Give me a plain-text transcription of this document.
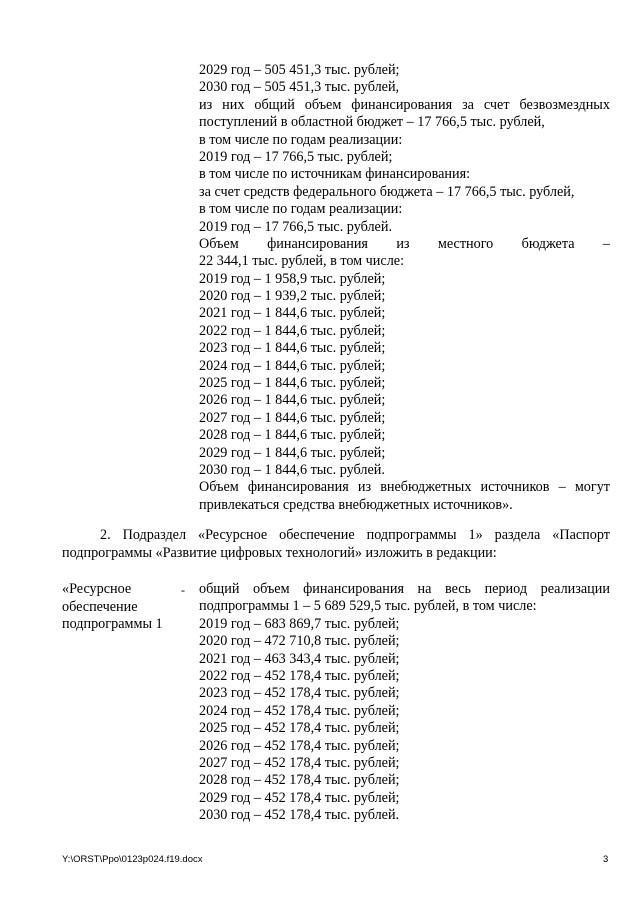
2029 год – 505 451,3 тыс. рублей;
2030 год – 505 451,3 тыс. рублей,
из них общий объем финансирования за счет безвозмездных
поступлений в областной бюджет – 17 766,5 тыс. рублей,
в том числе по годам реализации:
2019 год – 17 766,5 тыс. рублей;
в том числе по источникам финансирования:
за счет средств федерального бюджета – 17 766,5 тыс. рублей,
в том числе по годам реализации:
2019 год – 17 766,5 тыс. рублей.
Объем финансирования из местного бюджета –
22 344,1 тыс. рублей, в том числе:
2019 год – 1 958,9 тыс. рублей;
2020 год – 1 939,2 тыс. рублей;
2021 год – 1 844,6 тыс. рублей;
2022 год – 1 844,6 тыс. рублей;
2023 год – 1 844,6 тыс. рублей;
2024 год – 1 844,6 тыс. рублей;
2025 год – 1 844,6 тыс. рублей;
2026 год – 1 844,6 тыс. рублей;
2027 год – 1 844,6 тыс. рублей;
2028 год – 1 844,6 тыс. рублей;
2029 год – 1 844,6 тыс. рублей;
2030 год – 1 844,6 тыс. рублей.
Объем финансирования из внебюджетных источников – могут
привлекаться средства внебюджетных источников».
2. Подраздел «Ресурсное обеспечение подпрограммы 1» раздела «Паспорт
подпрограммы «Развитие цифровых технологий» изложить в редакции:
«Ресурсное
обеспечение
подпрограммы 1
- общий объем финансирования на весь период реализации
подпрограммы 1 – 5 689 529,5 тыс. рублей, в том числе:
2019 год – 683 869,7 тыс. рублей;
2020 год – 472 710,8 тыс. рублей;
2021 год – 463 343,4 тыс. рублей;
2022 год – 452 178,4 тыс. рублей;
2023 год – 452 178,4 тыс. рублей;
2024 год – 452 178,4 тыс. рублей;
2025 год – 452 178,4 тыс. рублей;
2026 год – 452 178,4 тыс. рублей;
2027 год – 452 178,4 тыс. рублей;
2028 год – 452 178,4 тыс. рублей;
2029 год – 452 178,4 тыс. рублей;
2030 год – 452 178,4 тыс. рублей.
Y:\ORST\Ppo\0123p024.f19.docx	3
